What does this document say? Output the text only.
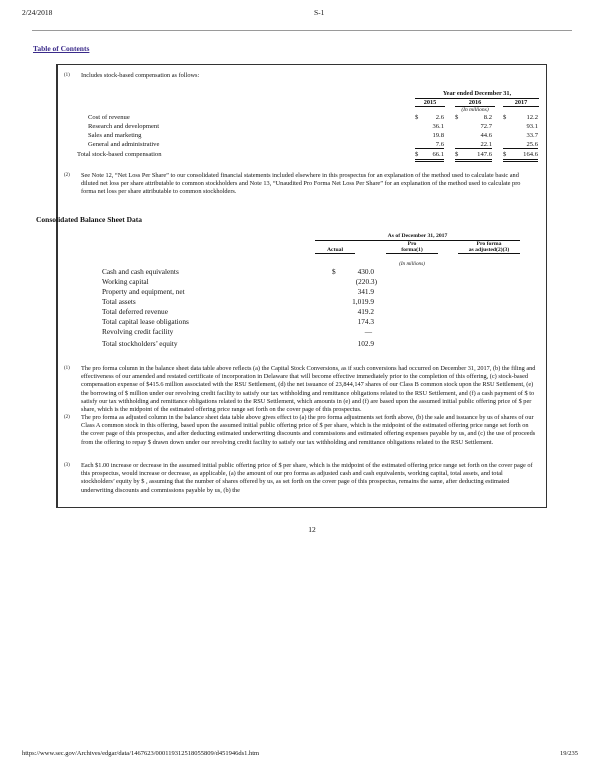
2/24/2018	S-1
Table of Contents
(1) Includes stock-based compensation as follows:
Year ended December 31,
2015	2016	2017
(In millions)
Cost of revenue	$	2.6 $	8.2 $	12.2
Research and development	36.1	72.7	93.1
Sales and marketing	19.8	44.6	33.7
General and administrative	7.6	22.1	25.6
Total stock-based compensation	$	66.1 $	147.6 $	164.6
(2) See Note 12, “Net Loss Per Share” to our consolidated financial statements included elsewhere in this prospectus for an explanation of the method used to calculate basic and diluted net loss per share attributable to common stockholders and Note 13, “Unaudited Pro Forma Net Loss Per Share” for an explanation of the method used to calculate pro forma net loss per share attributable to common stockholders.
Consolidated Balance Sheet Data
As of December 31, 2017
Actual
Pro
forma(1)
Pro forma
as adjusted(2)(3)
(In millions)
Cash and cash equivalents	$	430.0
Working capital	(220.3)
Property and equipment, net	341.9
Total assets	1,019.9
Total deferred revenue	419.2
Total capital lease obligations	174.3
Revolving credit facility	—
Total stockholders’ equity	102.9
(1) The pro forma column in the balance sheet data table above reflects (a) the Capital Stock Conversions, as if such conversions had occurred on December 31, 2017, (b) the filing and effectiveness of our amended and restated certificate of incorporation in Delaware that will become effective immediately prior to the completion of this offering, (c) stock-based compensation expense of $415.6 million associated with the RSU Settlement, (d) the net issuance of 23,844,147 shares of our Class B common stock upon the RSU Settlement, (e) the borrowing of $ million under our revolving credit facility to satisfy our tax withholding and remittance obligations related to the RSU Settlement, and (f) a cash payment of $ to satisfy our tax withholding and remittance obligations related to the RSU Settlement, which amounts in (e) and (f) are based upon the assumed initial public offering price of $ per share, which is the midpoint of the estimated offering price range set forth on the cover page of this prospectus.
(2) The pro forma as adjusted column in the balance sheet data table above gives effect to (a) the pro forma adjustments set forth above, (b) the sale and issuance by us of shares of our Class A common stock in this offering, based upon the assumed initial public offering price of $ per share, which is the midpoint of the estimated offering price range set forth on the cover page of this prospectus, and after deducting estimated underwriting discounts and commissions and estimated offering expenses payable by us, and (c) the use of proceeds from the offering to repay $ drawn down under our revolving credit facility to satisfy our tax withholding and remittance obligations related to the RSU Settlement.
(3) Each $1.00 increase or decrease in the assumed initial public offering price of $ per share, which is the midpoint of the estimated offering price range set forth on the cover page of this prospectus, would increase or decrease, as applicable, (a) the amount of our pro forma as adjusted cash and cash equivalents, working capital, total assets, and total stockholders’ equity by $ , assuming that the number of shares offered by us, as set forth on the cover page of this prospectus, remains the same, after deducting estimated underwriting discounts and commissions payable by us, (b) the
12
https://www.sec.gov/Archives/edgar/data/1467623/000119312518055809/d451946ds1.htm	19/235
